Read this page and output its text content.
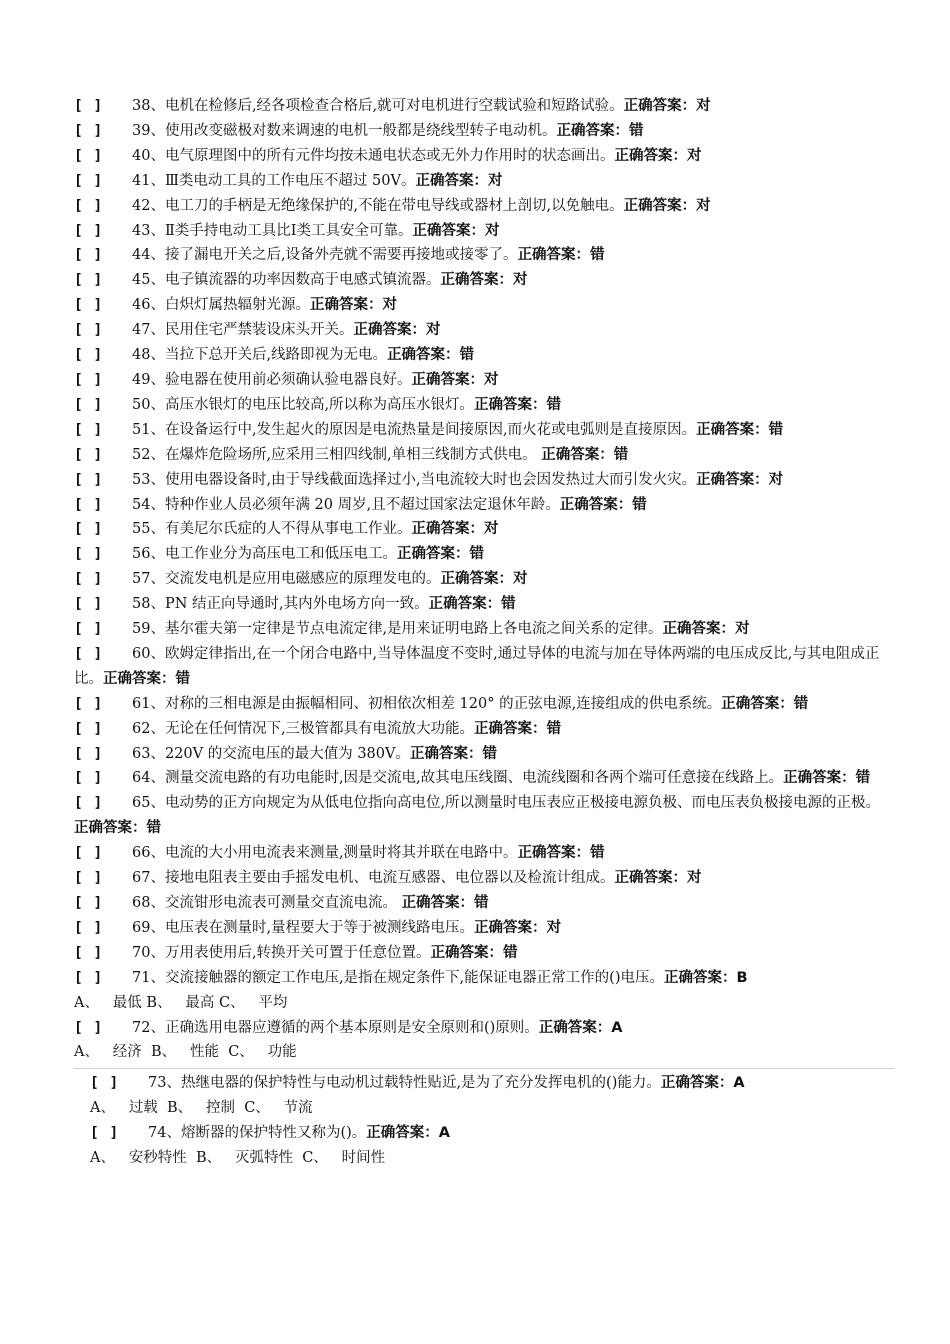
[ ] 38、电机在检修后,经各项检查合格后,就可对电机进行空载试验和短路试验。正确答案：对

[ ] 39、使用改变磁极对数来调速的电机一般都是绕线型转子电动机。正确答案：错

[ ] 40、电气原理图中的所有元件均按未通电状态或无外力作用时的状态画出。正确答案：对

[ ] 41、Ⅲ类电动工具的工作电压不超过 50V。正确答案：对

[ ] 42、电工刀的手柄是无绝缘保护的,不能在带电导线或器材上剖切,以免触电。正确答案：对

[ ] 43、Ⅱ类手持电动工具比Ⅰ类工具安全可靠。正确答案：对

[ ] 44、接了漏电开关之后,设备外壳就不需要再接地或接零了。正确答案：错

[ ] 45、电子镇流器的功率因数高于电感式镇流器。正确答案：对

[ ] 46、白炽灯属热辐射光源。正确答案：对

[ ] 47、民用住宅严禁装设床头开关。正确答案：对

[ ] 48、当拉下总开关后,线路即视为无电。正确答案：错

[ ] 49、验电器在使用前必须确认验电器良好。正确答案：对

[ ] 50、高压水银灯的电压比较高,所以称为高压水银灯。正确答案：错

[ ] 51、在设备运行中,发生起火的原因是电流热量是间接原因,而火花或电弧则是直接原因。正确答案：错

[ ] 52、在爆炸危险场所,应采用三相四线制,单相三线制方式供电。 正确答案：错

[ ] 53、使用电器设备时,由于导线截面选择过小,当电流较大时也会因发热过大而引发火灾。正确答案：对

[ ] 54、特种作业人员必须年满 20 周岁,且不超过国家法定退休年龄。正确答案：错

[ ] 55、有美尼尔氏症的人不得从事电工作业。正确答案：对

[ ] 56、电工作业分为高压电工和低压电工。正确答案：错

[ ] 57、交流发电机是应用电磁感应的原理发电的。正确答案：对

[ ] 58、PN 结正向导通时,其内外电场方向一致。正确答案：错

[ ] 59、基尔霍夫第一定律是节点电流定律,是用来证明电路上各电流之间关系的定律。正确答案：对

[ ] 60、欧姆定律指出,在一个闭合电路中,当导体温度不变时,通过导体的电流与加在导体两端的电压成反比,与其电阻成正比。正确答案：错

[ ] 61、对称的三相电源是由振幅相同、初相依次相差 120° 的正弦电源,连接组成的供电系统。正确答案：错

[ ] 62、无论在任何情况下,三极管都具有电流放大功能。正确答案：错

[ ] 63、220V 的交流电压的最大值为 380V。正确答案：错

[ ] 64、测量交流电路的有功电能时,因是交流电,故其电压线圈、电流线圈和各两个端可任意接在线路上。正确答案：错

[ ] 65、电动势的正方向规定为从低电位指向高电位,所以测量时电压表应正极接电源负极、而电压表负极接电源的正极。正确答案：错

[ ] 66、电流的大小用电流表来测量,测量时将其并联在电路中。正确答案：错

[ ] 67、接地电阻表主要由手摇发电机、电流互感器、电位器以及检流计组成。正确答案：对

[ ] 68、交流钳形电流表可测量交直流电流。 正确答案：错

[ ] 69、电压表在测量时,量程要大于等于被测线路电压。正确答案：对

[ ] 70、万用表使用后,转换开关可置于任意位置。正确答案：错

[ ] 71、交流接触器的额定工作电压,是指在规定条件下,能保证电器正常工作的()电压。正确答案：B

A、   最低 B、   最高 C、   平均

[ ] 72、正确选用电器应遵循的两个基本原则是安全原则和()原则。正确答案：A

A、   经济  B、   性能  C、   功能

[ ] 73、热继电器的保护特性与电动机过载特性贴近,是为了充分发挥电机的()能力。正确答案：A

A、   过载  B、   控制  C、   节流

[ ] 74、熔断器的保护特性又称为()。正确答案：A

A、   安秒特性  B、   灭弧特性  C、   时间性
